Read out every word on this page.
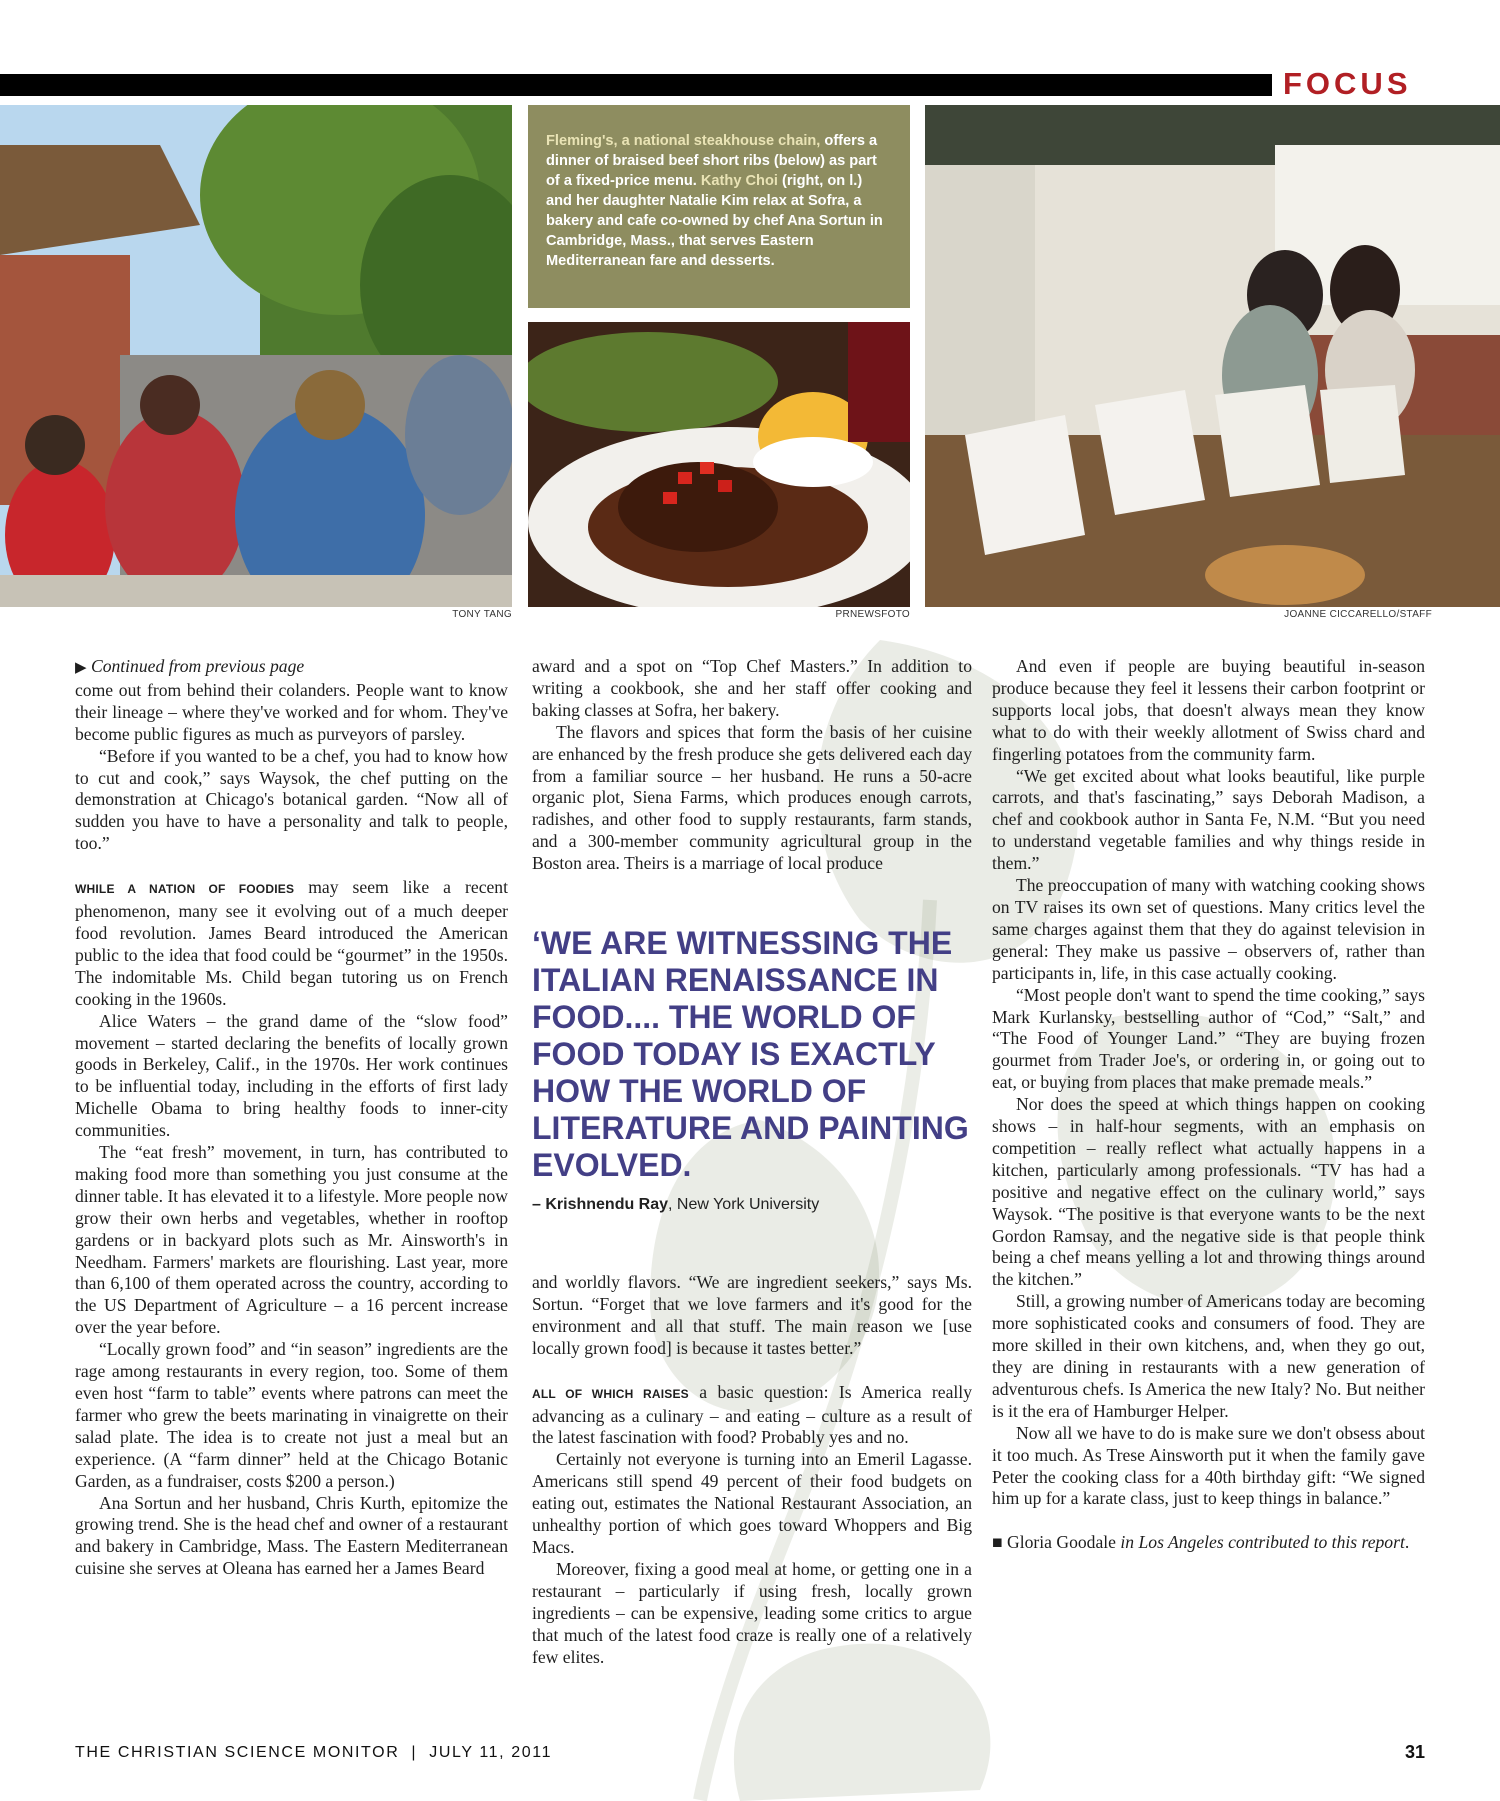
FOCUS
TONY TANG
Fleming's, a national steakhouse chain, offers a dinner of braised beef short ribs (below) as part of a fixed-price menu. Kathy Choi (right, on l.) and her daughter Natalie Kim relax at Sofra, a bakery and cafe co-owned by chef Ana Sortun in Cambridge, Mass., that serves Eastern Mediterranean fare and desserts.
PRNEWSFOTO	JOANNE CICCARELLO/STAFF

▶ Continued from previous page

come out from behind their colanders. People want to know their lineage – where they've worked and for whom. They've become public figures as much as purveyors of parsley.

“Before if you wanted to be a chef, you had to know how to cut and cook,” says Waysok, the chef putting on the demonstration at Chicago's botanical garden. “Now all of sudden you have to have a personality and talk to people, too.”

WHILE A NATION OF FOODIES may seem like a recent phenomenon, many see it evolving out of a much deeper food revolution. James Beard introduced the American public to the idea that food could be “gourmet” in the 1950s. The indomitable Ms. Child began tutoring us on French cooking in the 1960s.

Alice Waters – the grand dame of the “slow food” movement – started declaring the benefits of locally grown goods in Berkeley, Calif., in the 1970s. Her work continues to be influential today, including in the efforts of first lady Michelle Obama to bring healthy foods to inner-city communities.

The “eat fresh” movement, in turn, has contributed to making food more than something you just consume at the dinner table. It has elevated it to a lifestyle. More people now grow their own herbs and vegetables, whether in rooftop gardens or in backyard plots such as Mr. Ainsworth's in Needham. Farmers' markets are flourishing. Last year, more than 6,100 of them operated across the country, according to the US Department of Agriculture – a 16 percent increase over the year before.

“Locally grown food” and “in season” ingredients are the rage among restaurants in every region, too. Some of them even host “farm to table” events where patrons can meet the farmer who grew the beets marinating in vinaigrette on their salad plate. The idea is to create not just a meal but an experience. (A “farm dinner” held at the Chicago Botanic Garden, as a fundraiser, costs $200 a person.)

Ana Sortun and her husband, Chris Kurth, epitomize the growing trend. She is the head chef and owner of a restaurant and bakery in Cambridge, Mass. The Eastern Mediterranean cuisine she serves at Oleana has earned her a James Beard

award and a spot on “Top Chef Masters.” In addition to writing a cookbook, she and her staff offer cooking and baking classes at Sofra, her bakery.

The flavors and spices that form the basis of her cuisine are enhanced by the fresh produce she gets delivered each day from a familiar source – her husband. He runs a 50-acre organic plot, Siena Farms, which produces enough carrots, radishes, and other food to supply restaurants, farm stands, and a 300-member community agricultural group in the Boston area. Theirs is a marriage of local produce

‘WE ARE WITNESSING THE ITALIAN RENAISSANCE IN FOOD.... THE WORLD OF FOOD TODAY IS EXACTLY HOW THE WORLD OF LITERATURE AND PAINTING EVOLVED.
– Krishnendu Ray, New York University

and worldly flavors. “We are ingredient seekers,” says Ms. Sortun. “Forget that we love farmers and it's good for the environment and all that stuff. The main reason we [use locally grown food] is because it tastes better.”

ALL OF WHICH RAISES a basic question: Is America really advancing as a culinary – and eating – culture as a result of the latest fascination with food? Probably yes and no.

Certainly not everyone is turning into an Emeril Lagasse. Americans still spend 49 percent of their food budgets on eating out, estimates the National Restaurant Association, an unhealthy portion of which goes toward Whoppers and Big Macs.

Moreover, fixing a good meal at home, or getting one in a restaurant – particularly if using fresh, locally grown ingredients – can be expensive, leading some critics to argue that much of the latest food craze is really one of a relatively few elites.

And even if people are buying beautiful in-season produce because they feel it lessens their carbon footprint or supports local jobs, that doesn't always mean they know what to do with their weekly allotment of Swiss chard and fingerling potatoes from the community farm.

“We get excited about what looks beautiful, like purple carrots, and that's fascinating,” says Deborah Madison, a chef and cookbook author in Santa Fe, N.M. “But you need to understand vegetable families and why things reside in them.”

The preoccupation of many with watching cooking shows on TV raises its own set of questions. Many critics level the same charges against them that they do against television in general: They make us passive – observers of, rather than participants in, life, in this case actually cooking.

“Most people don't want to spend the time cooking,” says Mark Kurlansky, bestselling author of “Cod,” “Salt,” and “The Food of Younger Land.” “They are buying frozen gourmet from Trader Joe's, or ordering in, or going out to eat, or buying from places that make premade meals.”

Nor does the speed at which things happen on cooking shows – in half-hour segments, with an emphasis on competition – really reflect what actually happens in a kitchen, particularly among professionals. “TV has had a positive and negative effect on the culinary world,” says Waysok. “The positive is that everyone wants to be the next Gordon Ramsay, and the negative side is that people think being a chef means yelling a lot and throwing things around the kitchen.”

Still, a growing number of Americans today are becoming more sophisticated cooks and consumers of food. They are more skilled in their own kitchens, and, when they go out, they are dining in restaurants with a new generation of adventurous chefs. Is America the new Italy? No. But neither is it the era of Hamburger Helper.

Now all we have to do is make sure we don't obsess about it too much. As Trese Ainsworth put it when the family gave Peter the cooking class for a 40th birthday gift: “We signed him up for a karate class, just to keep things in balance.”

■ Gloria Goodale in Los Angeles contributed to this report.

THE CHRISTIAN SCIENCE MONITOR  |  JULY 11, 2011	31
